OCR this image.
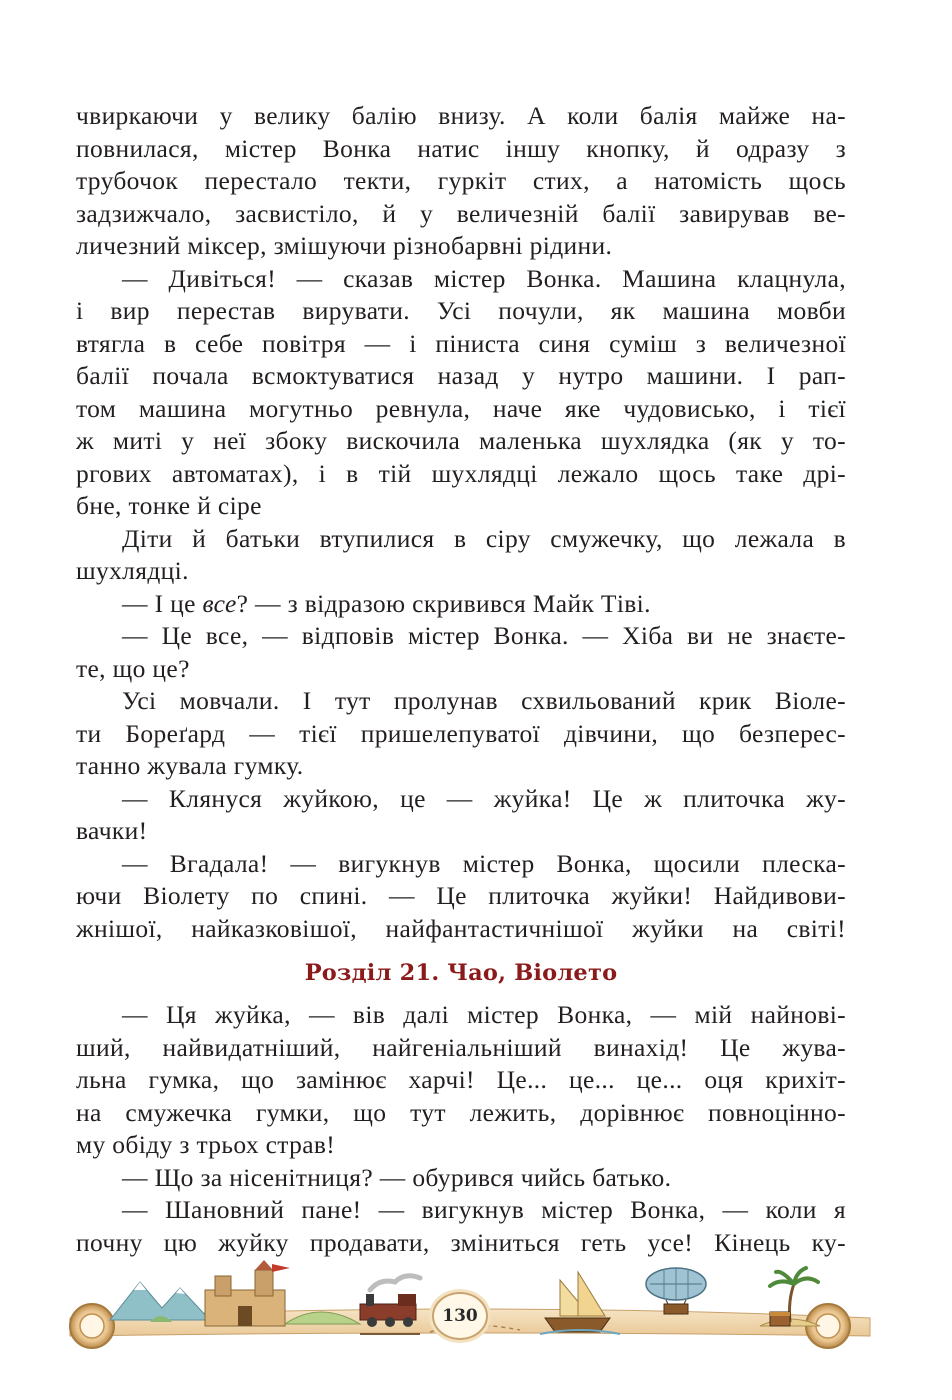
чвиркаючи у велику балію внизу. А коли балія майже на-
повнилася, містер Вонка натис іншу кнопку, й одразу з
трубочок перестало текти, гуркіт стих, а натомість щось
задзижчало, засвистіло, й у величезній балії завирував ве-
личезний міксер, змішуючи різнобарвні рідини.
— Дивіться! — сказав містер Вонка. Машина клацнула,
і вир перестав вирувати. Усі почули, як машина мовби
втягла в себе повітря — і пiниста синя суміш з величезної
балії почала всмоктуватися назад у нутро машини. І рап-
том машина могутньо ревнула, наче яке чудовисько, і тієї
ж миті у неї збоку вискочила маленька шухлядка (як у то-
ргових автоматах), і в тій шухлядці лежало щось таке дрі-
бне, тонке й сіре
Діти й батьки втупилися в сіру смужечку, що лежала в
шухлядці.
— І це все? — з відразою скривився Майк Тіві.
— Це все, — відповів містер Вонка. — Хіба ви не знаєте-
те, що це?
Усі мовчали. І тут пролунав схвильований крик Віоле-
ти Бореґард — тієї пришелепуватої дівчини, що безперес-
танно жувала гумку.
— Клянуся жуйкою, це — жуйка! Це ж плиточка жу-
вачки!
— Вгадала! — вигукнув містер Вонка, щосили плеска-
ючи Віолету по спині. — Це плиточка жуйки! Найдивови-
жнішої, найказковішої, найфантастичнішої жуйки на світі!
Розділ 21. Чао, Віолето
— Ця жуйка, — вів далі містер Вонка, — мій найнові-
ший, найвидатніший, найгеніальніший винахід! Це жува-
льна гумка, що замінює харчі! Це... це... це... оця крихіт-
на смужечка гумки, що тут лежить, дорівнює повноцінно-
му обіду з трьох страв!
— Що за нісенітниця? — обурився чийсь батько.
— Шановний пане! — вигукнув містер Вонка, — коли я
почну цю жуйку продавати, зміниться геть усе! Кінець ку-
130
